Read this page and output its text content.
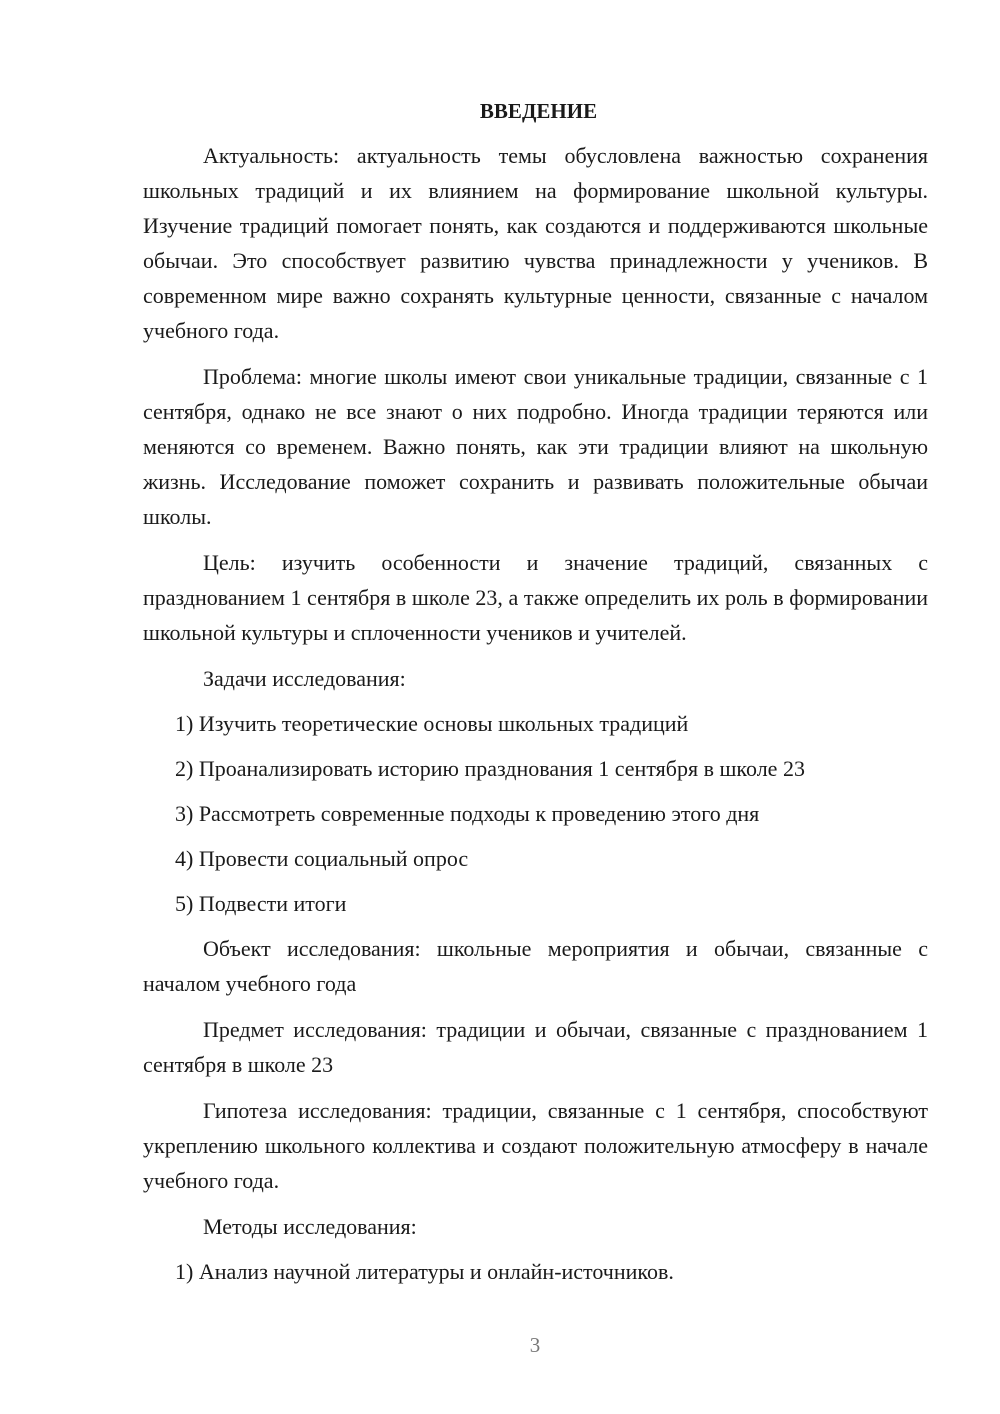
ВВЕДЕНИЕ

Актуальность: актуальность темы обусловлена важностью сохранения школьных традиций и их влиянием на формирование школьной культуры. Изучение традиций помогает понять, как создаются и поддерживаются школьные обычаи. Это способствует развитию чувства принадлежности у учеников. В современном мире важно сохранять культурные ценности, связанные с началом учебного года.

Проблема: многие школы имеют свои уникальные традиции, связанные с 1 сентября, однако не все знают о них подробно. Иногда традиции теряются или меняются со временем. Важно понять, как эти традиции влияют на школьную жизнь. Исследование поможет сохранить и развивать положительные обычаи школы.

Цель: изучить особенности и значение традиций, связанных с празднованием 1 сентября в школе 23, а также определить их роль в формировании школьной культуры и сплоченности учеников и учителей.

Задачи исследования:

1) Изучить теоретические основы школьных традиций
2) Проанализировать историю празднования 1 сентября в школе 23
3) Рассмотреть современные подходы к проведению этого дня
4) Провести социальный опрос
5) Подвести итоги

Объект исследования: школьные мероприятия и обычаи, связанные с началом учебного года

Предмет исследования: традиции и обычаи, связанные с празднованием 1 сентября в школе 23

Гипотеза исследования: традиции, связанные с 1 сентября, способствуют укреплению школьного коллектива и создают положительную атмосферу в начале учебного года.

Методы исследования:

1) Анализ научной литературы и онлайн-источников.
3
